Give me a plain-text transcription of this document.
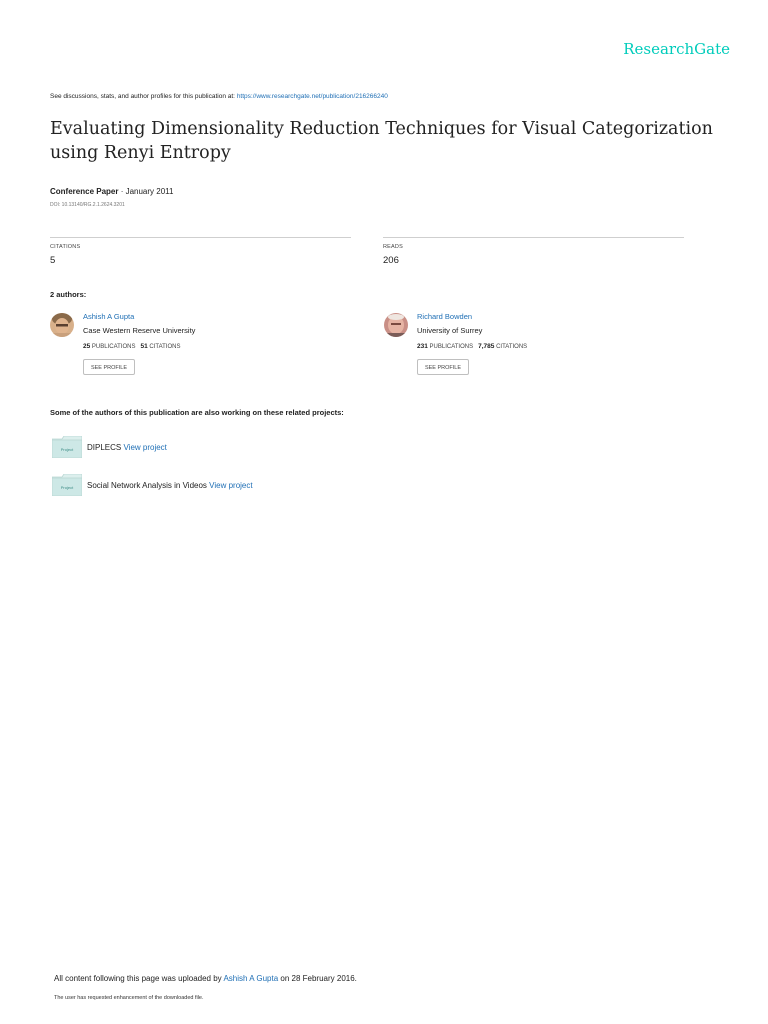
ResearchGate
See discussions, stats, and author profiles for this publication at: https://www.researchgate.net/publication/216266240
Evaluating Dimensionality Reduction Techniques for Visual Categorization using Renyi Entropy
Conference Paper · January 2011
DOI: 10.13140/RG.2.1.2624.3201
CITATIONS
5
READS
206
2 authors:
Ashish A Gupta
Case Western Reserve University
25 PUBLICATIONS 51 CITATIONS
SEE PROFILE
Richard Bowden
University of Surrey
231 PUBLICATIONS 7,785 CITATIONS
SEE PROFILE
Some of the authors of this publication are also working on these related projects:
Project DIPLECS View project
Project Social Network Analysis in Videos View project
All content following this page was uploaded by Ashish A Gupta on 28 February 2016.
The user has requested enhancement of the downloaded file.
